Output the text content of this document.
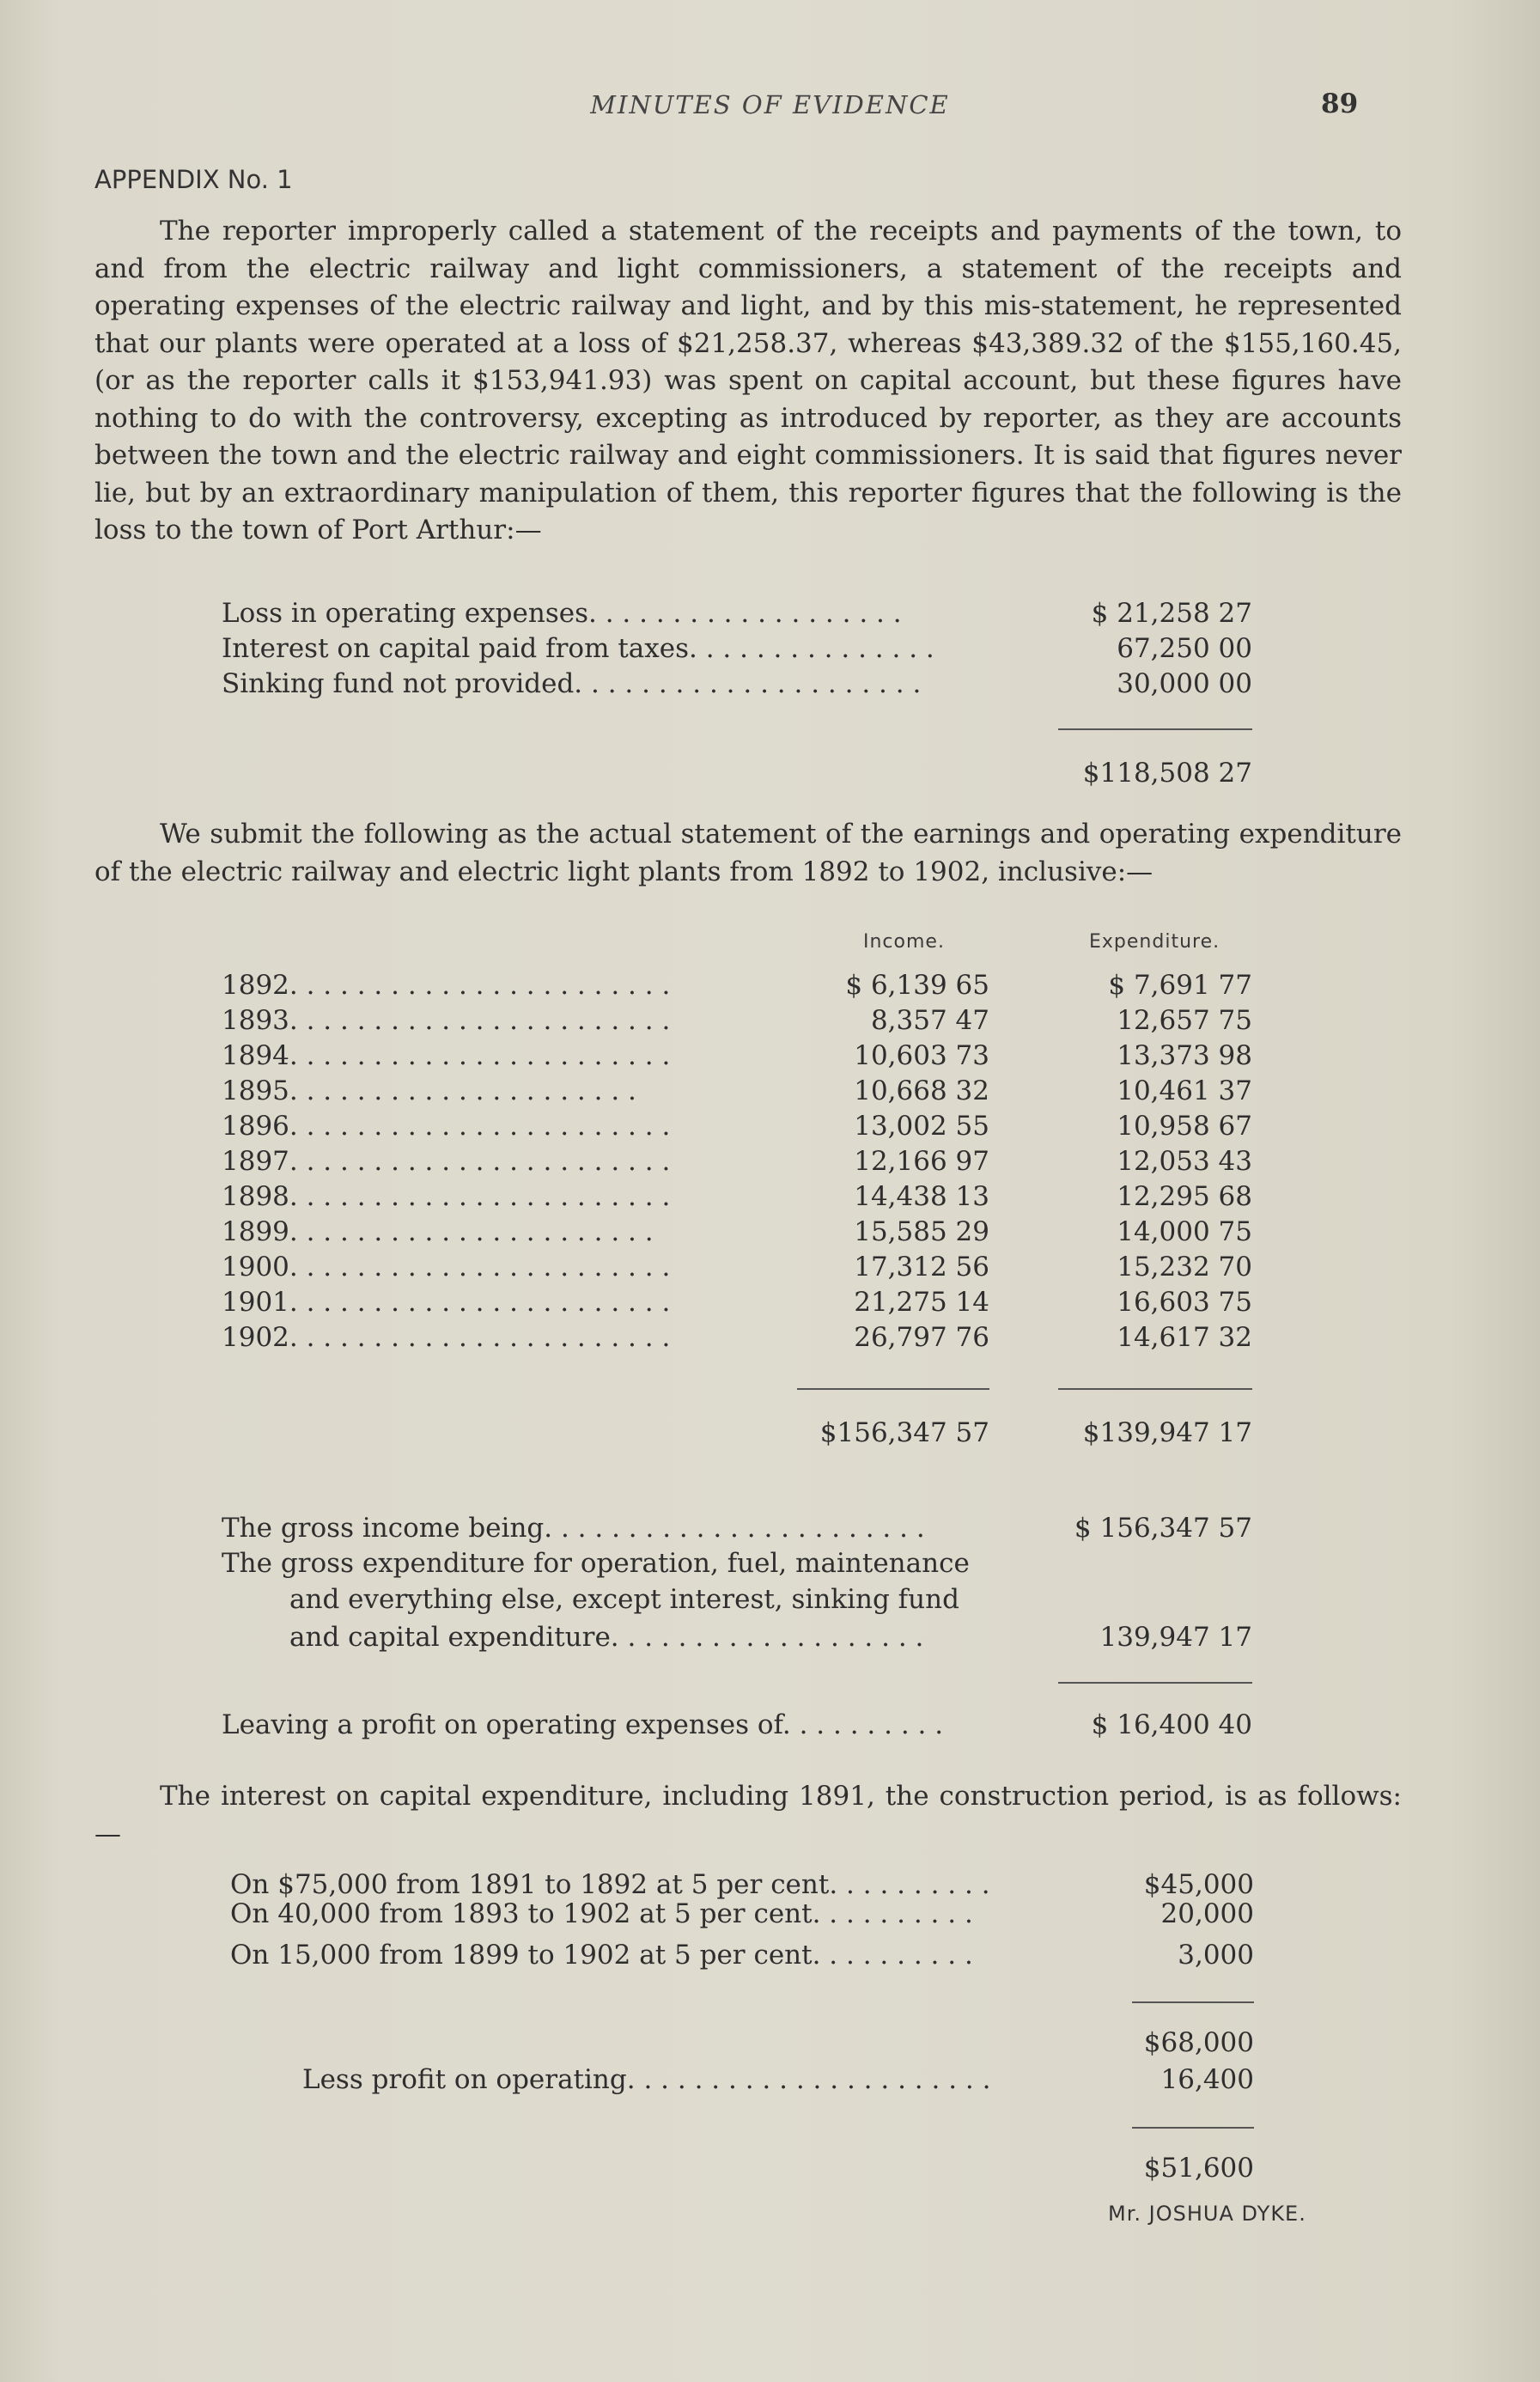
MINUTES OF EVIDENCE	89
APPENDIX No. 1
The reporter improperly called a statement of the receipts and payments of the town, to and from the electric railway and light commissioners, a statement of the receipts and operating expenses of the electric railway and light, and by this mis-statement, he represented that our plants were operated at a loss of $21,258.37, whereas $43,389.32 of the $155,160.45, (or as the reporter calls it $153,941.93) was spent on capital account, but these figures have nothing to do with the controversy, excepting as introduced by reporter, as they are accounts between the town and the electric railway and eight commissioners. It is said that figures never lie, but by an extraordinary manipulation of them, this reporter figures that the following is the loss to the town of Port Arthur:—
Loss in operating expenses. . . . . . . . . . . . . . . . . . .	$ 21,258 27
Interest on capital paid from taxes. . . . . . . . . . . . . . .	67,250 00
Sinking fund not provided. . . . . . . . . . . . . . . . . . . . .	30,000 00
$118,508 27
We submit the following as the actual statement of the earnings and operating expenditure of the electric railway and electric light plants from 1892 to 1902, inclusive:—
Income.	Expenditure.
1892. . . . . . . . . . . . . . . . . . . . . . .	$ 6,139 65	$ 7,691 77
1893. . . . . . . . . . . . . . . . . . . . . . .	8,357 47	12,657 75
1894. . . . . . . . . . . . . . . . . . . . . . .	10,603 73	13,373 98
1895. . . . . . . . . . . . . . . . . . . . .	10,668 32	10,461 37
1896. . . . . . . . . . . . . . . . . . . . . . .	13,002 55	10,958 67
1897. . . . . . . . . . . . . . . . . . . . . . .	12,166 97	12,053 43
1898. . . . . . . . . . . . . . . . . . . . . . .	14,438 13	12,295 68
1899. . . . . . . . . . . . . . . . . . . . . .	15,585 29	14,000 75
1900. . . . . . . . . . . . . . . . . . . . . . .	17,312 56	15,232 70
1901. . . . . . . . . . . . . . . . . . . . . . .	21,275 14	16,603 75
1902. . . . . . . . . . . . . . . . . . . . . . .	26,797 76	14,617 32
$156,347 57	$139,947 17
The gross income being. . . . . . . . . . . . . . . . . . . . . . .	$ 156,347 57
The gross expenditure for operation, fuel, maintenance
and everything else, except interest, sinking fund
and capital expenditure. . . . . . . . . . . . . . . . . . .	139,947 17
Leaving a profit on operating expenses of. . . . . . . . . .	$ 16,400 40
The interest on capital expenditure, including 1891, the construction period, is as follows:—
On $75,000 from 1891 to 1892 at 5 per cent. . . . . . . . . .	$45,000
On 40,000 from 1893 to 1902 at 5 per cent. . . . . . . . . .	20,000
On 15,000 from 1899 to 1902 at 5 per cent. . . . . . . . . .	3,000
$68,000
Less profit on operating. . . . . . . . . . . . . . . . . . . . . .	16,400
$51,600
Mr. JOSHUA DYKE.
